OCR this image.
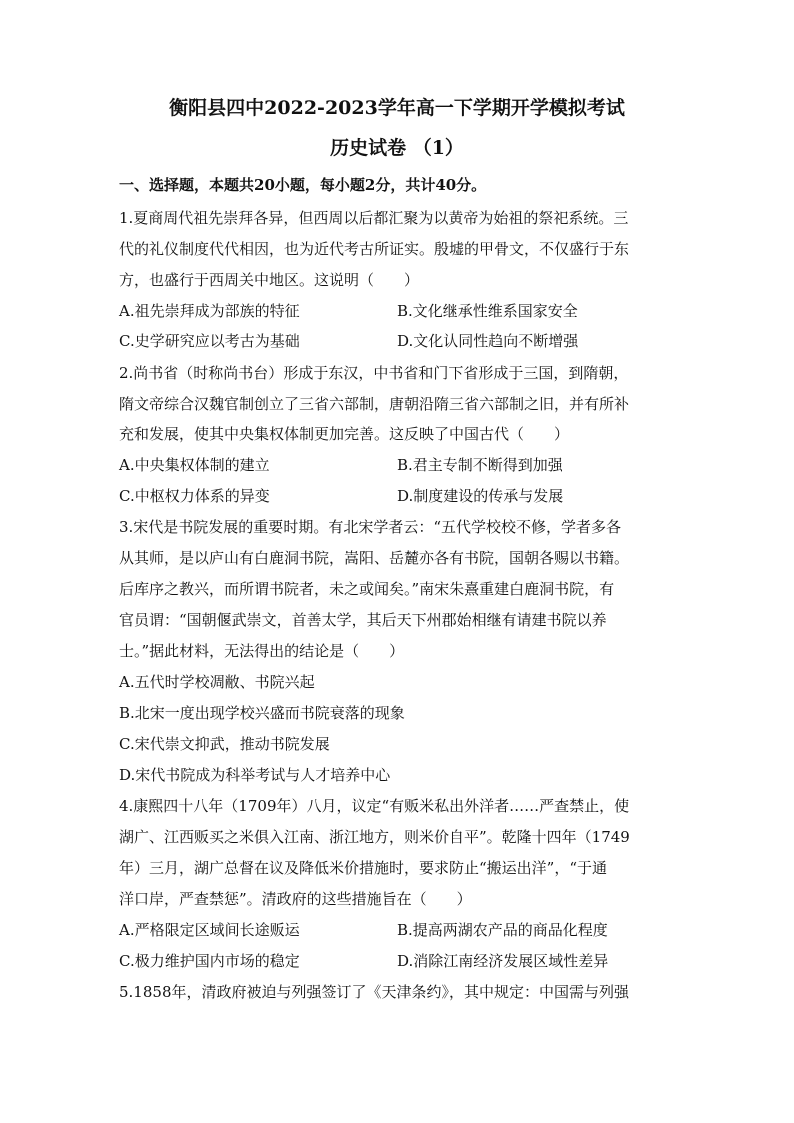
衡阳县四中2022-2023学年高一下学期开学模拟考试
历史试卷 （1）
一、选择题，本题共20小题，每小题2分，共计40分。
1.夏商周代祖先崇拜各异，但西周以后都汇聚为以黄帝为始祖的祭祀系统。三
代的礼仪制度代代相因，也为近代考古所证实。殷墟的甲骨文，不仅盛行于东
方，也盛行于西周关中地区。这说明（　　）
A.祖先崇拜成为部族的特征	B.文化继承性维系国家安全
C.史学研究应以考古为基础	D.文化认同性趋向不断增强
2.尚书省（时称尚书台）形成于东汉，中书省和门下省形成于三国，到隋朝，
隋文帝综合汉魏官制创立了三省六部制，唐朝沿隋三省六部制之旧，并有所补
充和发展，使其中央集权体制更加完善。这反映了中国古代（　　）
A.中央集权体制的建立	B.君主专制不断得到加强
C.中枢权力体系的异变	D.制度建设的传承与发展
3.宋代是书院发展的重要时期。有北宋学者云：“五代学校校不修，学者多各
从其师，是以庐山有白鹿洞书院，嵩阳、岳麓亦各有书院，国朝各赐以书籍。
后库序之教兴，而所谓书院者，未之或闻矣。”南宋朱熹重建白鹿洞书院，有
官员谓：“国朝偃武崇文，首善太学，其后天下州郡始相继有请建书院以养
士。”据此材料，无法得出的结论是（　　）
A.五代时学校凋敝、书院兴起
B.北宋一度出现学校兴盛而书院衰落的现象
C.宋代崇文抑武，推动书院发展
D.宋代书院成为科举考试与人才培养中心
4.康熙四十八年（1709年）八月，议定“有贩米私出外洋者……严查禁止，使
湖广、江西贩买之米俱入江南、浙江地方，则米价自平”。乾隆十四年（1749
年）三月，湖广总督在议及降低米价措施时，要求防止“搬运出洋”，“于通
洋口岸，严查禁惩”。清政府的这些措施旨在（　　）
A.严格限定区域间长途贩运	B.提高两湖农产品的商品化程度
C.极力维护国内市场的稳定	D.消除江南经济发展区域性差异
5.1858年，清政府被迫与列强签订了《天津条约》，其中规定：中国需与列强
